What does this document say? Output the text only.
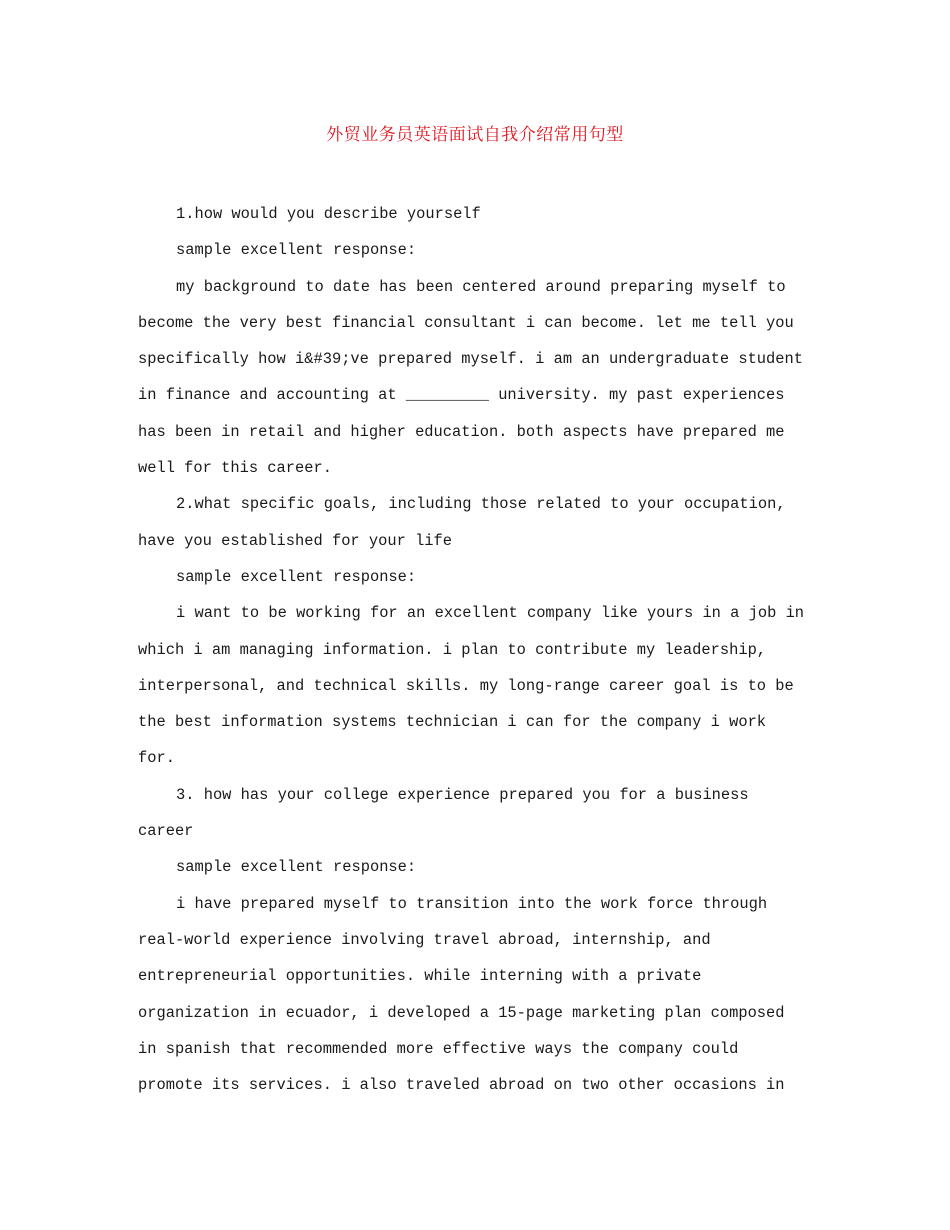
外贸业务员英语面试自我介绍常用句型
1.how would you describe yourself
sample excellent response:
my background to date has been centered around preparing myself to
become the very best financial consultant i can become. let me tell you
specifically how i&#39;ve prepared myself. i am an undergraduate student
in finance and accounting at _________ university. my past experiences
has been in retail and higher education. both aspects have prepared me
well for this career.
2.what specific goals, including those related to your occupation,
have you established for your life
sample excellent response:
i want to be working for an excellent company like yours in a job in
which i am managing information. i plan to contribute my leadership,
interpersonal, and technical skills. my long-range career goal is to be
the best information systems technician i can for the company i work
for.
3. how has your college experience prepared you for a business
career
sample excellent response:
i have prepared myself to transition into the work force through
real-world experience involving travel abroad, internship, and
entrepreneurial opportunities. while interning with a private
organization in ecuador, i developed a 15-page marketing plan composed
in spanish that recommended more effective ways the company could
promote its services. i also traveled abroad on two other occasions in
